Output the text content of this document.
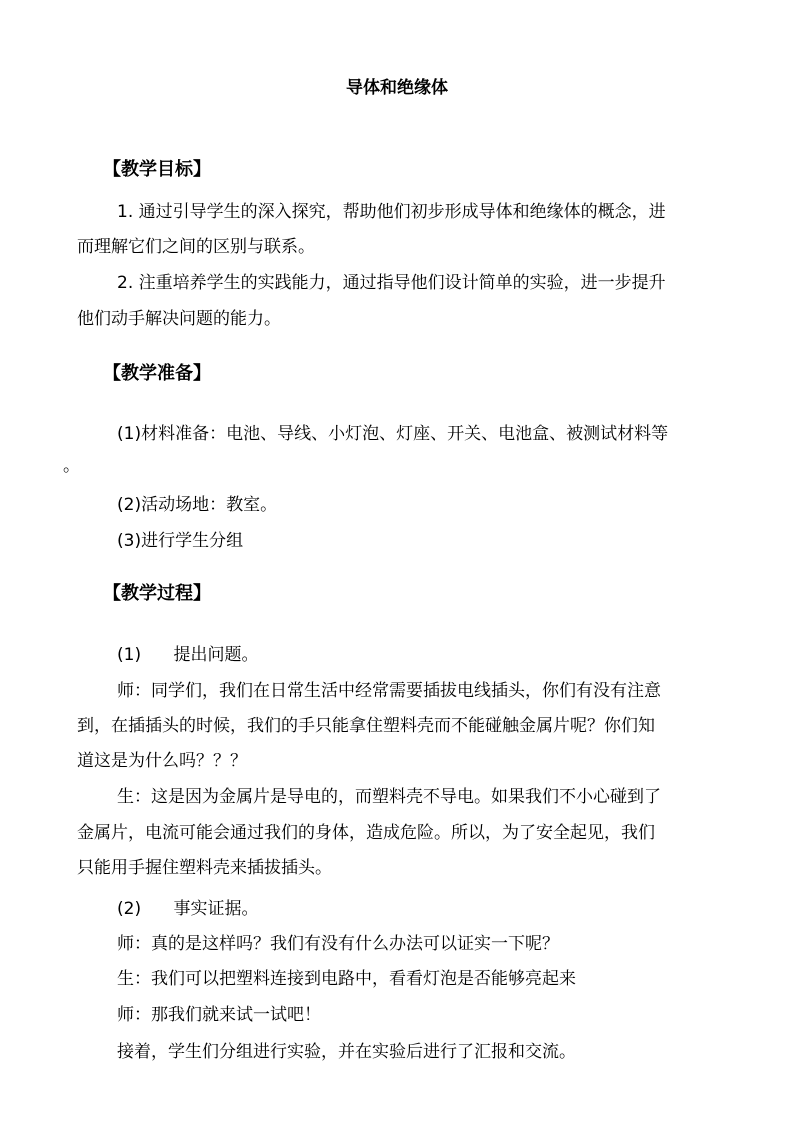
导体和绝缘体
【教学目标】
1. 通过引导学生的深入探究，帮助他们初步形成导体和绝缘体的概念，进
而理解它们之间的区别与联系。
2. 注重培养学生的实践能力，通过指导他们设计简单的实验，进一步提升
他们动手解决问题的能力。
【教学准备】
(1)材料准备：电池、导线、小灯泡、灯座、开关、电池盒、被测试材料等
。
(2)活动场地：教室。
(3)进行学生分组
【教学过程】
(1)      提出问题。
师：同学们，我们在日常生活中经常需要插拔电线插头，你们有没有注意
到，在插插头的时候，我们的手只能拿住塑料壳而不能碰触金属片呢？你们知
道这是为什么吗？？？
生：这是因为金属片是导电的，而塑料壳不导电。如果我们不小心碰到了
金属片，电流可能会通过我们的身体，造成危险。所以，为了安全起见，我们
只能用手握住塑料壳来插拔插头。
(2)      事实证据。
师：真的是这样吗？我们有没有什么办法可以证实一下呢？
生：我们可以把塑料连接到电路中，看看灯泡是否能够亮起来
师：那我们就来试一试吧！
接着，学生们分组进行实验，并在实验后进行了汇报和交流。
